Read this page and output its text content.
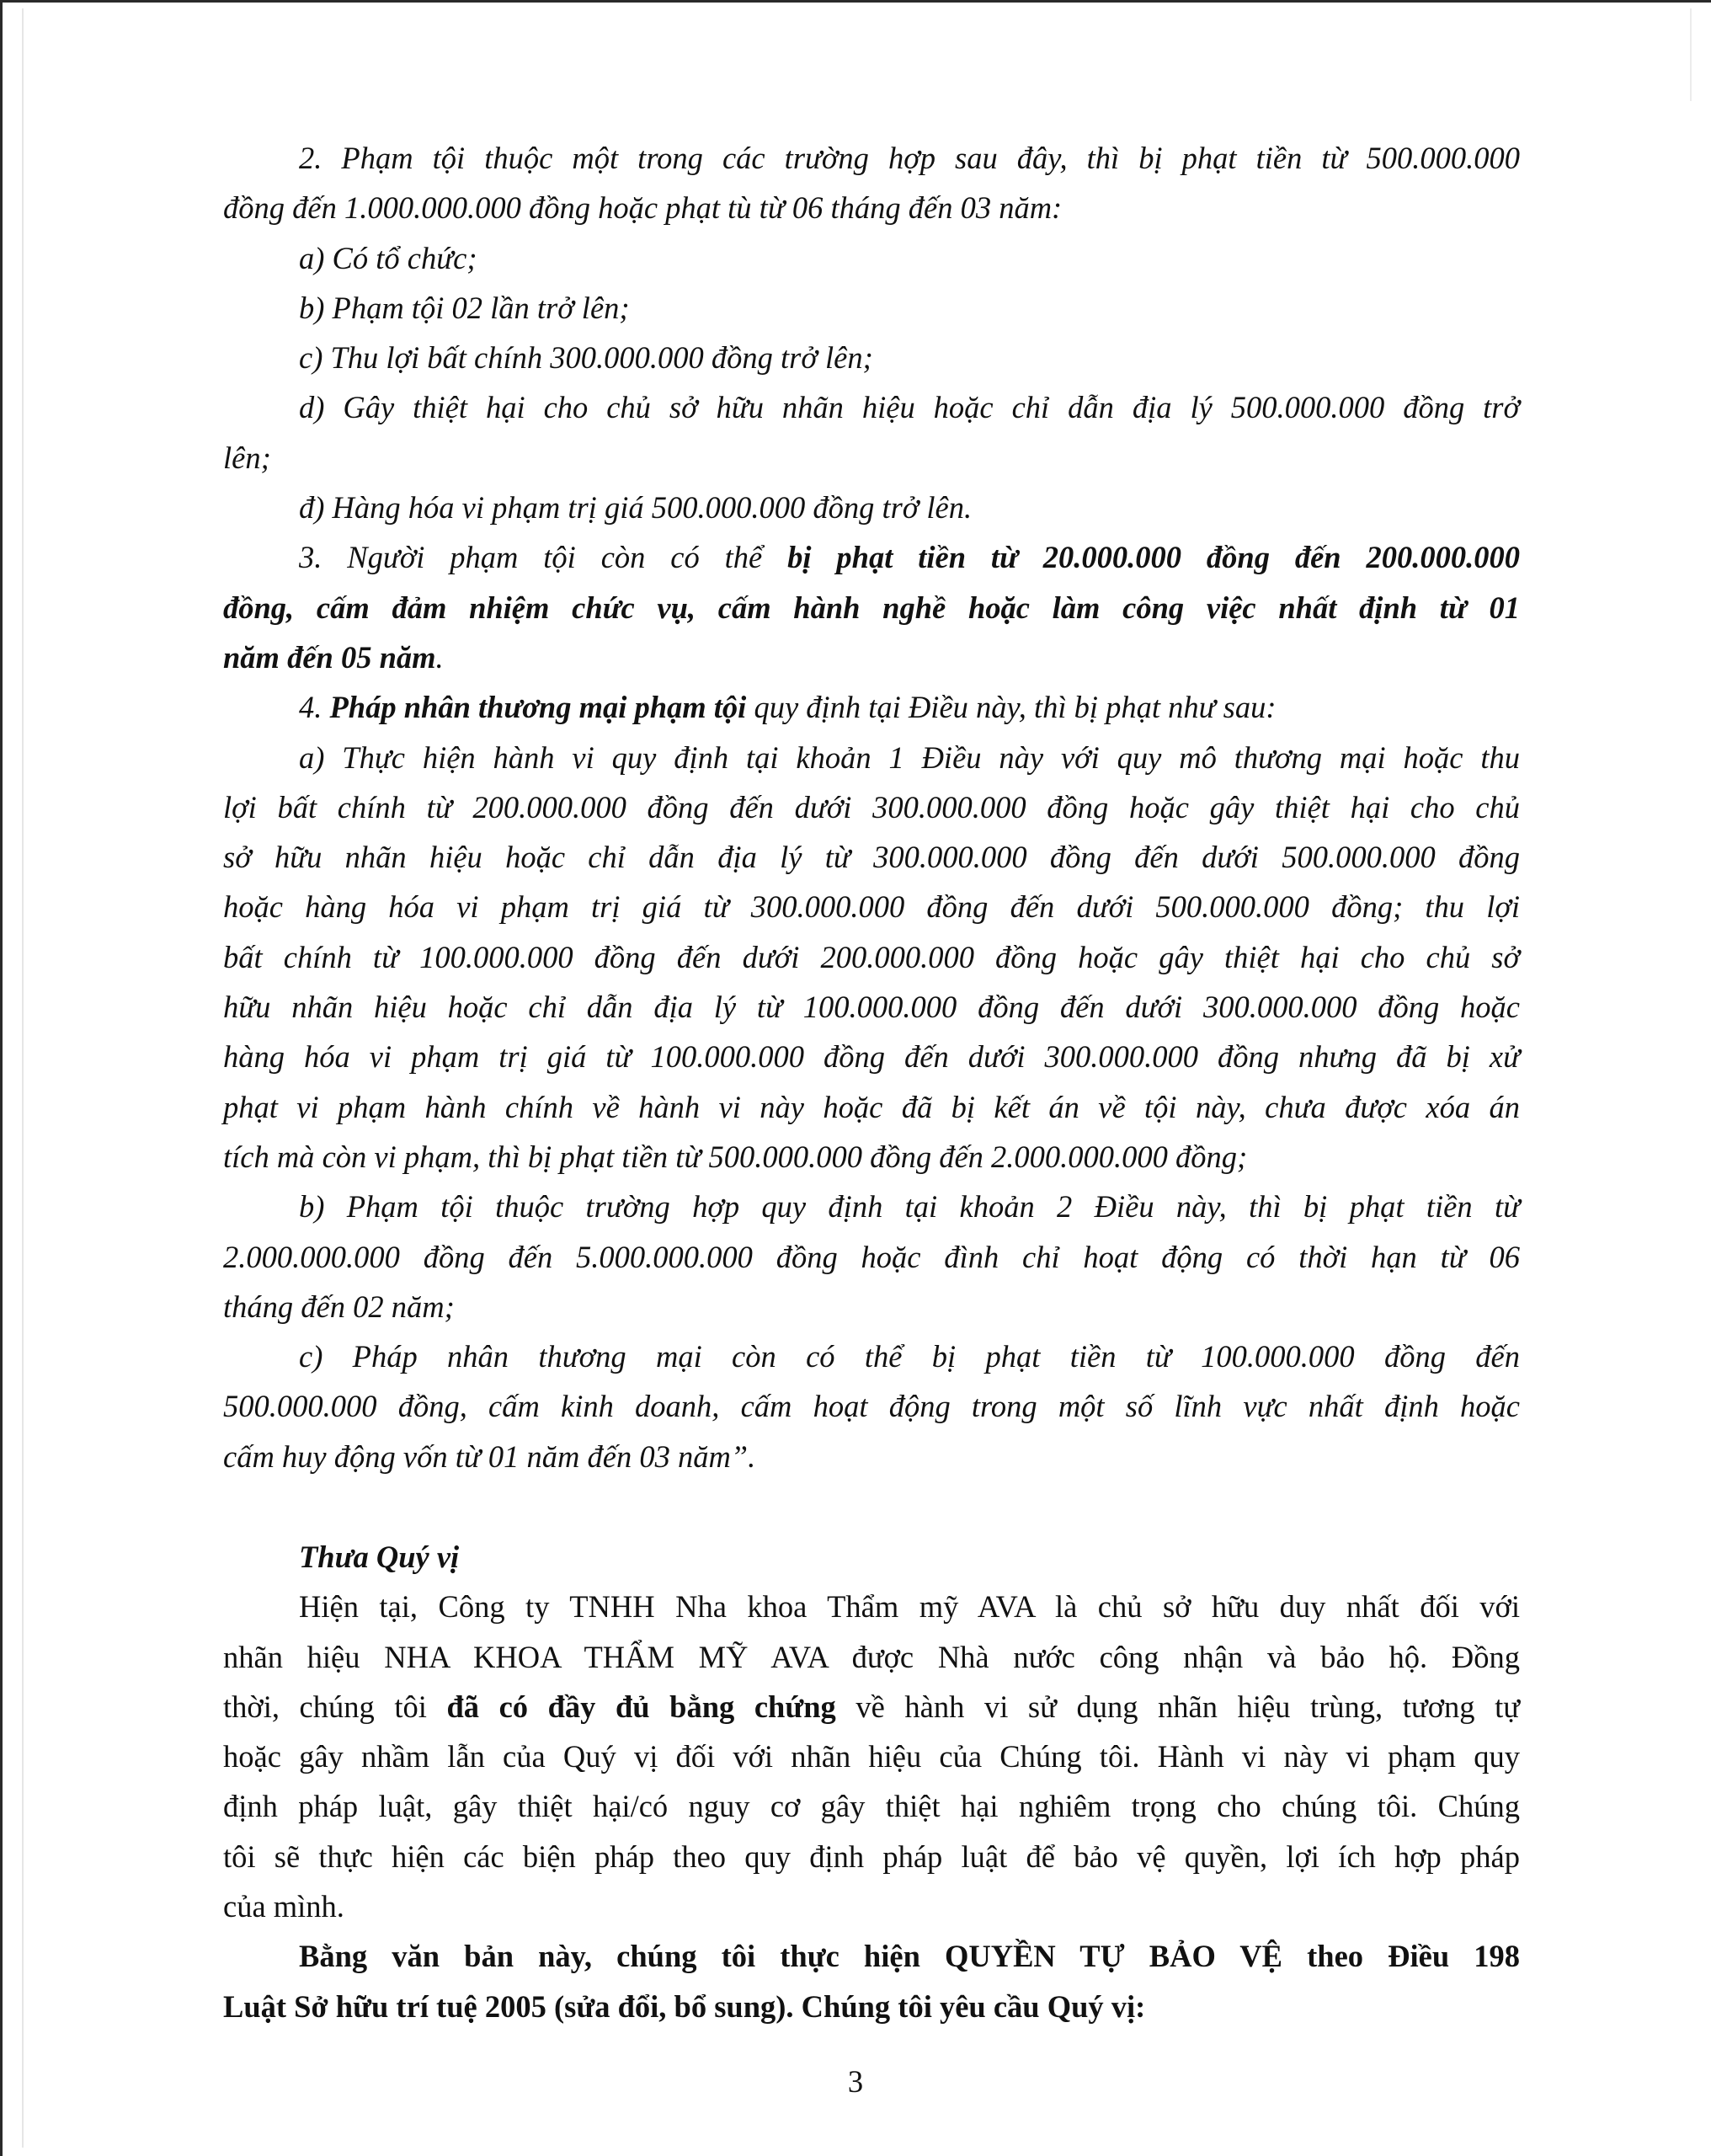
2. Phạm tội thuộc một trong các trường hợp sau đây, thì bị phạt tiền từ 500.000.000
đồng đến 1.000.000.000 đồng hoặc phạt tù từ 06 tháng đến 03 năm:
a) Có tổ chức;
b) Phạm tội 02 lần trở lên;
c) Thu lợi bất chính 300.000.000 đồng trở lên;
d) Gây thiệt hại cho chủ sở hữu nhãn hiệu hoặc chỉ dẫn địa lý 500.000.000 đồng trở
lên;
đ) Hàng hóa vi phạm trị giá 500.000.000 đồng trở lên.
3. Người phạm tội còn có thể bị phạt tiền từ 20.000.000 đồng đến 200.000.000
đồng, cấm đảm nhiệm chức vụ, cấm hành nghề hoặc làm công việc nhất định từ 01
năm đến 05 năm.
4. Pháp nhân thương mại phạm tội quy định tại Điều này, thì bị phạt như sau:
a) Thực hiện hành vi quy định tại khoản 1 Điều này với quy mô thương mại hoặc thu
lợi bất chính từ 200.000.000 đồng đến dưới 300.000.000 đồng hoặc gây thiệt hại cho chủ
sở hữu nhãn hiệu hoặc chỉ dẫn địa lý từ 300.000.000 đồng đến dưới 500.000.000 đồng
hoặc hàng hóa vi phạm trị giá từ 300.000.000 đồng đến dưới 500.000.000 đồng; thu lợi
bất chính từ 100.000.000 đồng đến dưới 200.000.000 đồng hoặc gây thiệt hại cho chủ sở
hữu nhãn hiệu hoặc chỉ dẫn địa lý từ 100.000.000 đồng đến dưới 300.000.000 đồng hoặc
hàng hóa vi phạm trị giá từ 100.000.000 đồng đến dưới 300.000.000 đồng nhưng đã bị xử
phạt vi phạm hành chính về hành vi này hoặc đã bị kết án về tội này, chưa được xóa án
tích mà còn vi phạm, thì bị phạt tiền từ 500.000.000 đồng đến 2.000.000.000 đồng;
b) Phạm tội thuộc trường hợp quy định tại khoản 2 Điều này, thì bị phạt tiền từ
2.000.000.000 đồng đến 5.000.000.000 đồng hoặc đình chỉ hoạt động có thời hạn từ 06
tháng đến 02 năm;
c) Pháp nhân thương mại còn có thể bị phạt tiền từ 100.000.000 đồng đến
500.000.000 đồng, cấm kinh doanh, cấm hoạt động trong một số lĩnh vực nhất định hoặc
cấm huy động vốn từ 01 năm đến 03 năm”.
Thưa Quý vị
Hiện tại, Công ty TNHH Nha khoa Thẩm mỹ AVA là chủ sở hữu duy nhất đối với
nhãn hiệu NHA KHOA THẨM MỸ AVA được Nhà nước công nhận và bảo hộ. Đồng
thời, chúng tôi đã có đầy đủ bằng chứng về hành vi sử dụng nhãn hiệu trùng, tương tự
hoặc gây nhầm lẫn của Quý vị đối với nhãn hiệu của Chúng tôi. Hành vi này vi phạm quy
định pháp luật, gây thiệt hại/có nguy cơ gây thiệt hại nghiêm trọng cho chúng tôi. Chúng
tôi sẽ thực hiện các biện pháp theo quy định pháp luật để bảo vệ quyền, lợi ích hợp pháp
của mình.
Bằng văn bản này, chúng tôi thực hiện QUYỀN TỰ BẢO VỆ theo Điều 198
Luật Sở hữu trí tuệ 2005 (sửa đổi, bổ sung). Chúng tôi yêu cầu Quý vị:
3
